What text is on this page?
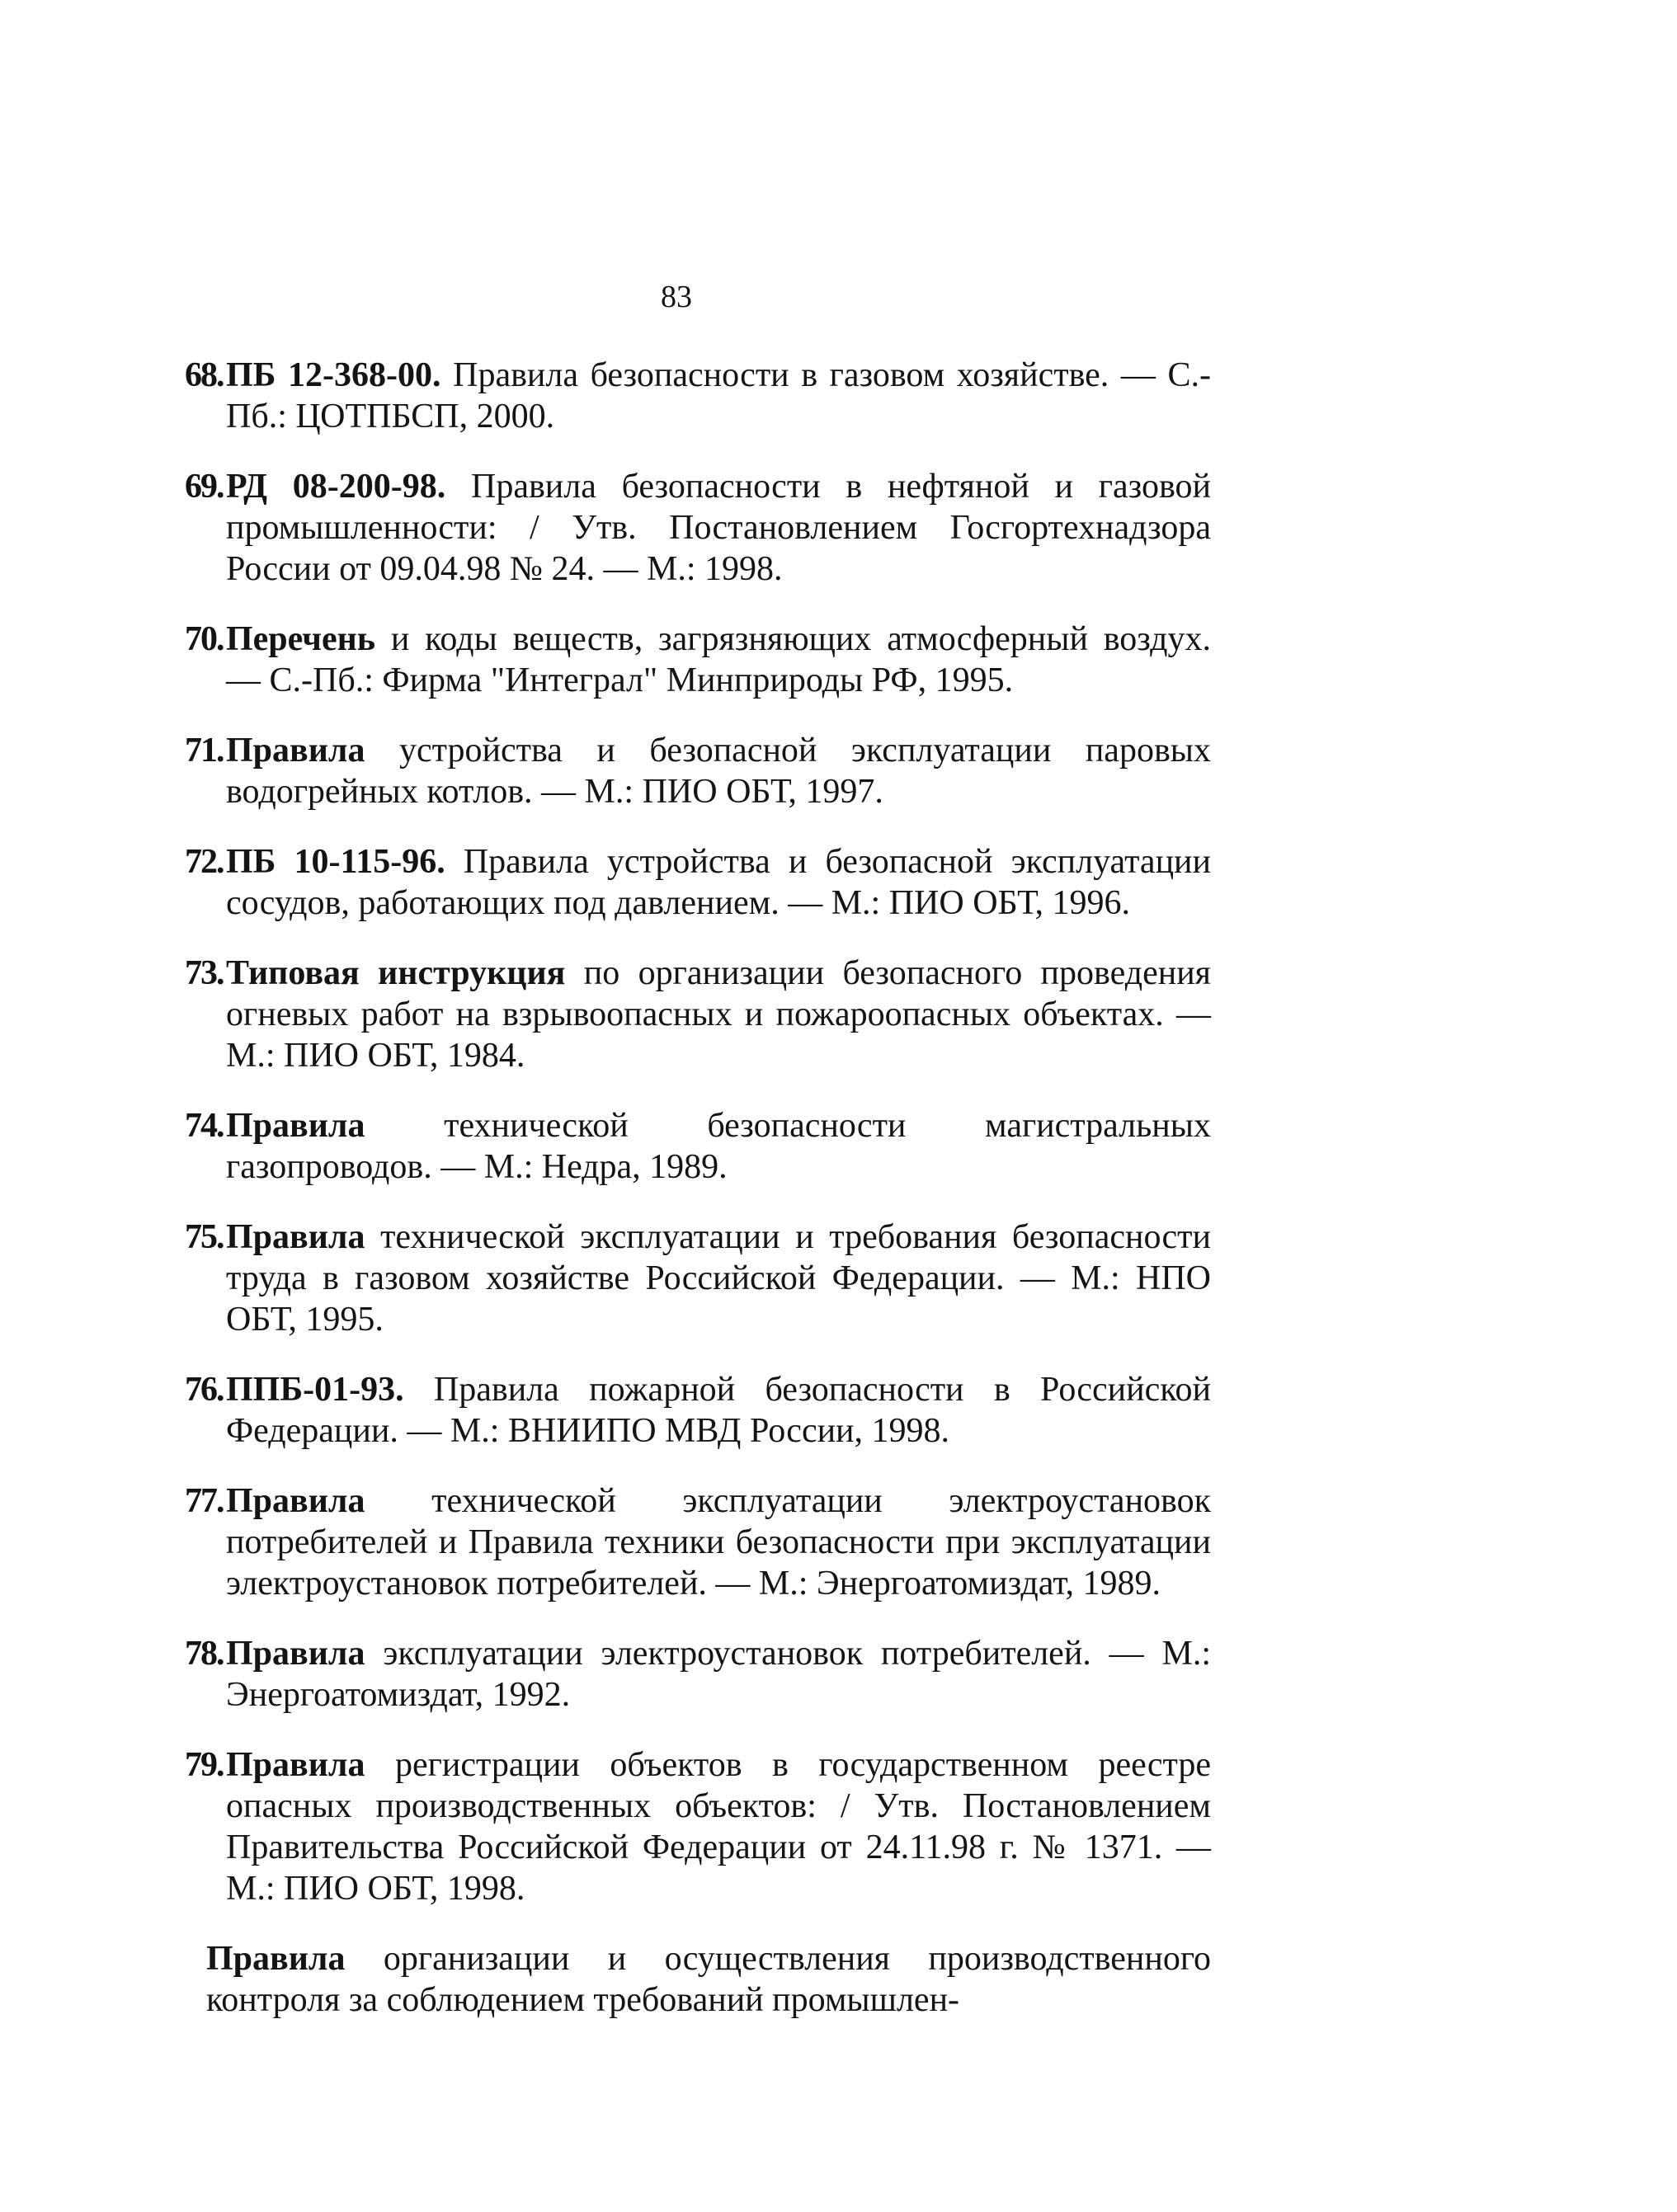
83
68. ПБ 12-368-00. Правила безопасности в газовом хозяйстве. — С.-Пб.: ЦОТПБСП, 2000.
69. РД 08-200-98. Правила безопасности в нефтяной и газовой промышленности: / Утв. Постановлением Госгортехнадзора России от 09.04.98 № 24. — М.: 1998.
70. Перечень и коды веществ, загрязняющих атмосферный воздух. — С.-Пб.: Фирма "Интеграл" Минприроды РФ, 1995.
71. Правила устройства и безопасной эксплуатации паровых водогрейных котлов. — М.: ПИО ОБТ, 1997.
72. ПБ 10-115-96. Правила устройства и безопасной эксплуатации сосудов, работающих под давлением. — М.: ПИО ОБТ, 1996.
73. Типовая инструкция по организации безопасного проведения огневых работ на взрывоопасных и пожароопасных объектах. — М.: ПИО ОБТ, 1984.
74. Правила технической безопасности магистральных газопроводов. — М.: Недра, 1989.
75. Правила технической эксплуатации и требования безопасности труда в газовом хозяйстве Российской Федерации. — М.: НПО ОБТ, 1995.
76. ППБ-01-93. Правила пожарной безопасности в Российской Федерации. — М.: ВНИИПО МВД России, 1998.
77. Правила технической эксплуатации электроустановок потребителей и Правила техники безопасности при эксплуатации электроустановок потребителей. — М.: Энергоатомиздат, 1989.
78. Правила эксплуатации электроустановок потребителей. — М.: Энергоатомиздат, 1992.
79. Правила регистрации объектов в государственном реестре опасных производственных объектов: / Утв. Постановлением Правительства Российской Федерации от 24.11.98 г. № 1371. — М.: ПИО ОБТ, 1998.
Правила организации и осуществления производственного контроля за соблюдением требований промышлен-
